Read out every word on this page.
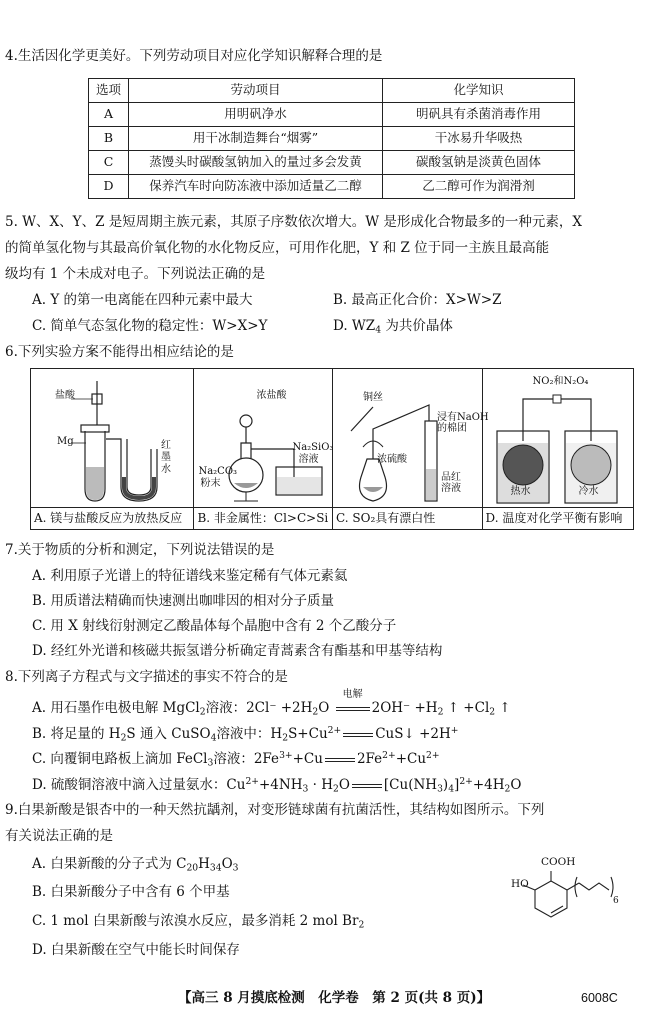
4.生活因化学更美好。下列劳动项目对应化学知识解释合理的是
选项	劳动项目	化学知识
A	用明矾净水	明矾具有杀菌消毒作用
B	用干冰制造舞台“烟雾”	干冰易升华吸热
C	蒸馒头时碳酸氢钠加入的量过多会发黄	碳酸氢钠是淡黄色固体
D	保养汽车时向防冻液中添加适量乙二醇	乙二醇可作为润滑剂
5. W、X、Y、Z 是短周期主族元素，其原子序数依次增大。W 是形成化合物最多的一种元素，X
的简单氢化物与其最高价氧化物的水化物反应，可用作化肥，Y 和 Z 位于同一主族且最高能
级均有 1 个未成对电子。下列说法正确的是
A. Y 的第一电离能在四种元素中最大	B. 最高正化合价：X>W>Z
C. 简单气态氢化物的稳定性：W>X>Y	D. $WZ_4$ 为共价晶体
6.下列实验方案不能得出相应结论的是
盐酸
Mg	红
墨
水
A. 镁与盐酸反应为放热反应
浓盐酸
Na₂CO₃
粉末
Na₂SiO₃
溶液
B. 非金属性：Cl>C>Si
铜丝
浸有NaOH
的棉团
浓硫酸
品红
溶液
C. SO₂具有漂白性
NO₂和N₂O₄
热水	冷水
D. 温度对化学平衡有影响
7.关于物质的分析和测定，下列说法错误的是
A. 利用原子光谱上的特征谱线来鉴定稀有气体元素氦
B. 用质谱法精确而快速测出咖啡因的相对分子质量
C. 用 X 射线衍射测定乙酸晶体每个晶胞中含有 2 个乙酸分子
D. 经红外光谱和核磁共振氢谱分析确定青蒿素含有酯基和甲基等结构
8.下列离子方程式与文字描述的事实不符合的是
A. 用石墨作电极电解 MgCl$_2$溶液：$2Cl^- +2H_2O$
电解
$2OH^- +H_2$ ↑ $+Cl_2$ ↑
B. 将足量的 $H_2S$ 通入 CuSO$_4$溶液中：$H_2S+Cu^{2+}$	CuS↓ +2H+
C. 向覆铜电路板上滴加 FeCl$_3$溶液：$2Fe^{3+}+Cu$	$2Fe^{2+}+Cu^{2+}$
D. 硫酸铜溶液中滴入过量氨水：$Cu^{2+}+4NH_3 \cdot H_2O$	$[Cu(NH_3)_4]^{2+}+4H_2O$
9.白果新酸是银杏中的一种天然抗龋剂，对变形链球菌有抗菌活性，其结构如图所示。下列
有关说法正确的是
A. 白果新酸的分子式为 $C_{20}H_{34}O_3$
B. 白果新酸分子中含有 6 个甲基
C. 1 mol 白果新酸与浓溴水反应，最多消耗 2 mol $Br_2$
D. 白果新酸在空气中能长时间保存
COOH
HO
6
【高三 8 月摸底检测　化学卷　第 2 页(共 8 页)】	6008C
